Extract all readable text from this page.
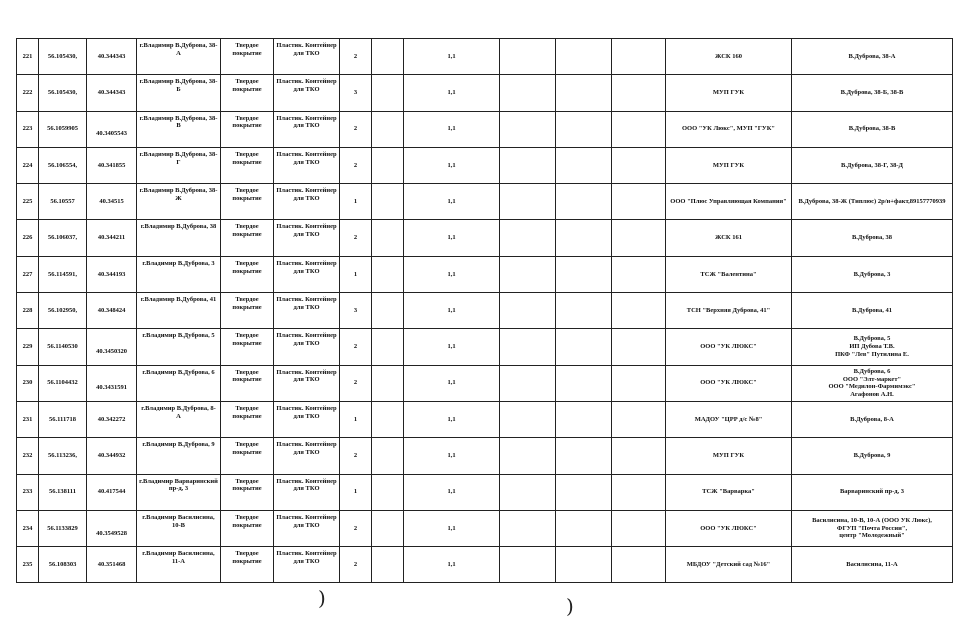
221	56.105430,	40.344343	г.Владимир В.Дуброва, 38-А	Твердое покрытие	Пластик. Контейнер для ТКО	2		1,1				ЖСК 160	В.Дуброва, 38-А
222	56.105430,	40.344343	г.Владимир В.Дуброва, 38-Б	Твердое покрытие	Пластик. Контейнер для ТКО	3		1,1				МУП ГУК	В.Дуброва, 38-Б, 38-В
223	56.1059905	40.3405543	г.Владимир В.Дуброва, 38-В	Твердое покрытие	Пластик. Контейнер для ТКО	2		1,1				ООО "УК Люкс", МУП "ГУК"	В.Дуброва, 38-В
224	56.106554,	40.341855	г.Владимир В.Дуброва, 38-Г	Твердое покрытие	Пластик. Контейнер для ТКО	2		1,1				МУП ГУК	В.Дуброва, 38-Г, 38-Д
225	56.10557	40.34515	г.Владимир В.Дуброва, 38-Ж	Твердое покрытие	Пластик. Контейнер для ТКО	1		1,1				ООО "Плюс Управляющая Компания"	В.Дуброва, 38-Ж (Типлюс) 2р/н+факт,89157770939
226	56.106037,	40.344211	г.Владимир В.Дуброва, 38	Твердое покрытие	Пластик. Контейнер для ТКО	2		1,1				ЖСК 161	В.Дуброва, 38
227	56.114591,	40.344193	г.Владимир В.Дуброва, 3	Твердое покрытие	Пластик. Контейнер для ТКО	1		1,1				ТСЖ "Валентина"	В.Дуброва, 3
228	56.102950,	40.348424	г.Владимир В.Дуброва, 41	Твердое покрытие	Пластик. Контейнер для ТКО	3		1,1				ТСН "Верхняя Дуброва, 41"	В.Дуброва, 41
229	56.1140530	40.3450320	г.Владимир В.Дуброва, 5	Твердое покрытие	Пластик. Контейнер для ТКО	2		1,1				ООО "УК ЛЮКС"	В.Дуброва, 5
ИП Дубова Т.В.
ПКФ "Лев" Путилина Е.
230	56.1104432	40.3431591	г.Владимир В.Дуброва, 6	Твердое покрытие	Пластик. Контейнер для ТКО	2		1,1				ООО "УК ЛЮКС"	В.Дуброва, 6
ООО "Элт-маркет"
ООО "Медилон-Фармимэкс"
Агафонов А.Н.
231	56.111718	40.342272	г.Владимир В.Дуброва, 8-А	Твердое покрытие	Пластик. Контейнер для ТКО	1		1,1				МАДОУ "ЦРР д/с №8"	В.Дуброва, 8-А
232	56.113236,	40.344932	г.Владимир В.Дуброва, 9	Твердое покрытие	Пластик. Контейнер для ТКО	2		1,1				МУП ГУК	В.Дуброва, 9
233	56.138111	40.417544	г.Владимир Варваринский пр-д, 3	Твердое покрытие	Пластик. Контейнер для ТКО	1		1,1				ТСЖ "Варварка"	Варваринский пр-д, 3
234	56.1133829	40.3549528	г.Владимир Василисина, 10-В	Твердое покрытие	Пластик. Контейнер для ТКО	2		1,1				ООО "УК ЛЮКС"	Василисина, 10-В, 10-А (ООО УК Люкс),
ФГУП "Почта России",
центр "Молодежный"
235	56.108303	40.351468	г.Владимир Василисина, 11-А	Твердое покрытие	Пластик. Контейнер для ТКО	2		1,1				МБДОУ "Детский сад №16"	Василисина, 11-А
)	)
